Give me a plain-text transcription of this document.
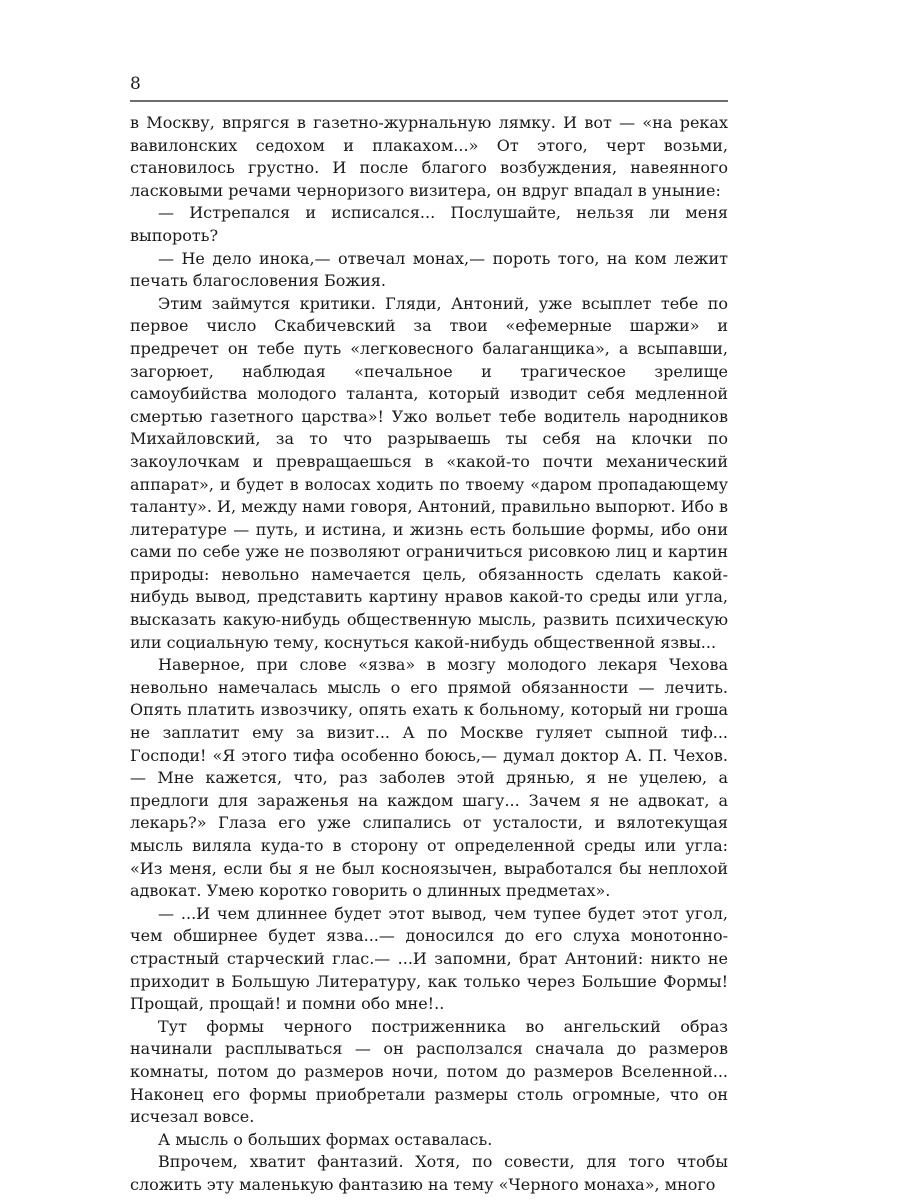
8

в Москву, впрягся в газетно-журнальную лямку. И вот — «на реках вавилонских седохом и плакахом...» От этого, черт возьми, становилось грустно. И после благого возбуждения, навеянного ласковыми речами черноризого визитера, он вдруг впадал в уныние:

— Истрепался и исписался... Послушайте, нельзя ли меня выпороть?

— Не дело инока,— отвечал монах,— пороть того, на ком лежит печать благословения Божия.

Этим займутся критики. Гляди, Антоний, уже всыплет тебе по первое число Скабичевский за твои «ефемерные шаржи» и предречет он тебе путь «легковесного балаганщика», а всыпавши, загорюет, наблюдая «печальное и трагическое зрелище самоубийства молодого таланта, который изводит себя медленной смертью газетного царства»! Ужо вольет тебе водитель народников Михайловский, за то что разрываешь ты себя на клочки по закоулочкам и превращаешься в «какой-то почти механический аппарат», и будет в волосах ходить по твоему «даром пропадающему таланту». И, между нами говоря, Антоний, правильно выпорют. Ибо в литературе — путь, и истина, и жизнь есть большие формы, ибо они сами по себе уже не позволяют ограничиться рисовкою лиц и картин природы: невольно намечается цель, обязанность сделать какой-нибудь вывод, представить картину нравов какой-то среды или угла, высказать какую-нибудь общественную мысль, развить психическую или социальную тему, коснуться какой-нибудь общественной язвы...

Наверное, при слове «язва» в мозгу молодого лекаря Чехова невольно намечалась мысль о его прямой обязанности — лечить. Опять платить извозчику, опять ехать к больному, который ни гроша не заплатит ему за визит... А по Москве гуляет сыпной тиф... Господи! «Я этого тифа особенно боюсь,— думал доктор А. П. Чехов.— Мне кажется, что, раз заболев этой дрянью, я не уцелею, а предлоги для зараженья на каждом шагу... Зачем я не адвокат, а лекарь?» Глаза его уже слипались от усталости, и вялотекущая мысль виляла куда-то в сторону от определенной среды или угла: «Из меня, если бы я не был косноязычен, выработался бы неплохой адвокат. Умею коротко говорить о длинных предметах».

— ...И чем длиннее будет этот вывод, чем тупее будет этот угол, чем обширнее будет язва...— доносился до его слуха монотонно-страстный старческий глас.— ...И запомни, брат Антоний: никто не приходит в Большую Литературу, как только через Большие Формы! Прощай, прощай! и помни обо мне!..

Тут формы черного постриженника во ангельский образ начинали расплываться — он расползался сначала до размеров комнаты, потом до размеров ночи, потом до размеров Вселенной... Наконец его формы приобретали размеры столь огромные, что он исчезал вовсе.

А мысль о больших формах оставалась.

Впрочем, хватит фантазий. Хотя, по совести, для того чтобы сложить эту маленькую фантазию на тему «Черного монаха», много
